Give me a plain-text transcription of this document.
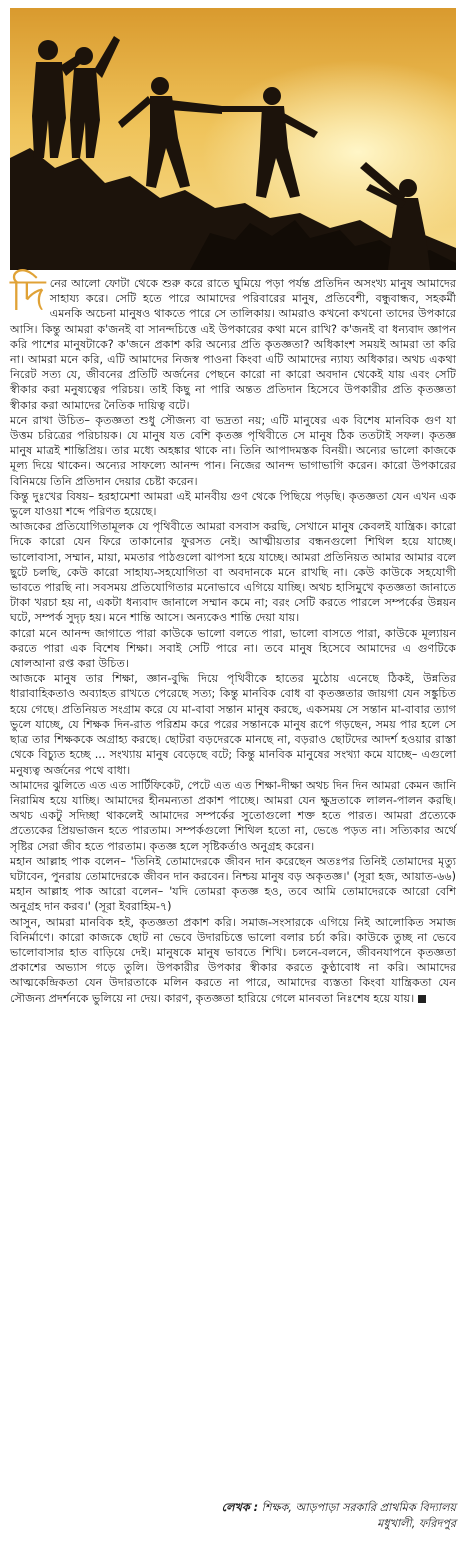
দিনের আলো ফোটা থেকে শুরু করে রাতে ঘুমিয়ে পড়া পর্যন্ত প্রতিদিন অসংখ্য মানুষ আমাদের সাহায্য করে। সেটি হতে পারে আমাদের পরিবারের মানুষ, প্রতিবেশী, বন্ধুবান্ধব, সহকর্মী এমনকি অচেনা মানুষও থাকতে পারে সে তালিকায়। আমরাও কখনো কখনো তাদের উপকারে আসি। কিন্তু আমরা ক'জনই বা সানন্দচিত্তে এই উপকারের কথা মনে রাখি? ক'জনই বা ধন্যবাদ জ্ঞাপন করি পাশের মানুষটাকে? ক'জনে প্রকাশ করি অন্যের প্রতি কৃতজ্ঞতা? অধিকাংশ সময়ই আমরা তা করি না। আমরা মনে করি, এটি আমাদের নিজস্ব পাওনা কিংবা এটি আমাদের ন্যায্য অধিকার। অথচ একথা নিরেট সত্য যে, জীবনের প্রতিটি অর্জনের পেছনে কারো না কারো অবদান থেকেই যায় এবং সেটি স্বীকার করা মনুষ্যত্বের পরিচয়। তাই কিছু না পারি অন্তত প্রতিদান হিসেবে উপকারীর প্রতি কৃতজ্ঞতা স্বীকার করা আমাদের নৈতিক দায়িত্ব বটে।

মনে রাখা উচিত– কৃতজ্ঞতা শুধু সৌজন্য বা ভদ্রতা নয়; এটি মানুষের এক বিশেষ মানবিক গুণ যা উত্তম চরিত্রের পরিচায়ক। যে মানুষ যত বেশি কৃতজ্ঞ পৃথিবীতে সে মানুষ ঠিক ততটাই সফল। কৃতজ্ঞ মানুষ মাত্রই শান্তিপ্রিয়। তার মধ্যে অহঙ্কার থাকে না। তিনি আপাদমস্তক বিনয়ী। অন্যের ভালো কাজকে মূল্য দিয়ে থাকেন। অন্যের সাফল্যে আনন্দ পান। নিজের আনন্দ ভাগাভাগি করেন। কারো উপকারের বিনিময়ে তিনি প্রতিদান দেয়ার চেষ্টা করেন।

কিন্তু দুঃখের বিষয়– হরহামেশা আমরা এই মানবীয় গুণ থেকে পিছিয়ে পড়ছি। কৃতজ্ঞতা যেন এখন এক ভুলে যাওয়া শব্দে পরিণত হয়েছে।

আজকের প্রতিযোগিতামূলক যে পৃথিবীতে আমরা বসবাস করছি, সেখানে মানুষ কেবলই যান্ত্রিক। কারো দিকে কারো যেন ফিরে তাকানোর ফুরসত নেই। আত্মীয়তার বন্ধনগুলো শিথিল হয়ে যাচ্ছে। ভালোবাসা, সম্মান, মায়া, মমতার পাঠগুলো ঝাপসা হয়ে যাচ্ছে। আমরা প্রতিনিয়ত আমার আমার বলে ছুটে চলছি, কেউ কারো সাহায্য-সহযোগিতা বা অবদানকে মনে রাখছি না। কেউ কাউকে সহযোগী ভাবতে পারছি না। সবসময় প্রতিযোগিতার মনোভাবে এগিয়ে যাচ্ছি। অথচ হাসিমুখে কৃতজ্ঞতা জানাতে টাকা খরচা হয় না, একটা ধন্যবাদ জানালে সম্মান কমে না; বরং সেটি করতে পারলে সম্পর্কের উন্নয়ন ঘটে, সম্পর্ক সুদৃঢ় হয়। মনে শান্তি আসে। অন্যকেও শান্তি দেয়া যায়।

কারো মনে আনন্দ জাগাতে পারা কাউকে ভালো বলতে পারা, ভালো বাসতে পারা, কাউকে মূল্যায়ন করতে পারা এক বিশেষ শিক্ষা। সবাই সেটি পারে না। তবে মানুষ হিসেবে আমাদের এ গুণটিকে ষোলআনা রপ্ত করা উচিত।

আজকে মানুষ তার শিক্ষা, জ্ঞান-বুদ্ধি দিয়ে পৃথিবীকে হাতের মুঠোয় এনেছে ঠিকই, উন্নতির ধারাবাহিকতাও অব্যাহত রাখতে পেরেছে সত্য; কিন্তু মানবিক বোধ বা কৃতজ্ঞতার জায়গা যেন সঙ্কুচিত হয়ে গেছে। প্রতিনিয়ত সংগ্রাম করে যে মা-বাবা সন্তান মানুষ করছে, একসময় সে সন্তান মা-বাবার ত্যাগ ভুলে যাচ্ছে, যে শিক্ষক দিন-রাত পরিশ্রম করে পরের সন্তানকে মানুষ রূপে গড়ছেন, সময় পার হলে সে ছাত্র তার শিক্ষককে অগ্রাহ্য করছে। ছোটরা বড়দেরকে মানছে না, বড়রাও ছোটদের আদর্শ হওয়ার রাস্তা থেকে বিচ্যুত হচ্ছে ... সংখ্যায় মানুষ বেড়েছে বটে; কিন্তু মানবিক মানুষের সংখ্যা কমে যাচ্ছে– এগুলো মনুষ্যত্ব অর্জনের পথে বাধা।

আমাদের ঝুলিতে এত এত সার্টিফিকেট, পেটে এত এত শিক্ষা-দীক্ষা অথচ দিন দিন আমরা কেমন জানি নিরামিষ হয়ে যাচ্ছি। আমাদের হীনমন্যতা প্রকাশ পাচ্ছে। আমরা যেন ক্ষুদ্রতাকে লালন-পালন করছি। অথচ একটু সদিচ্ছা থাকলেই আমাদের সম্পর্কের সুতোগুলো শক্ত হতে পারত। আমরা প্রত্যেকে প্রত্যেকের প্রিয়ভাজন হতে পারতাম। সম্পর্কগুলো শিথিল হতো না, ভেঙে পড়ত না। সত্যিকার অর্থে সৃষ্টির সেরা জীব হতে পারতাম। কৃতজ্ঞ হলে সৃষ্টিকর্তাও অনুগ্রহ করেন।

মহান আল্লাহ পাক বলেন– 'তিনিই তোমাদেরকে জীবন দান করেছেন অতঃপর তিনিই তোমাদের মৃত্যু ঘটাবেন, পুনরায় তোমাদেরকে জীবন দান করবেন। নিশ্চয় মানুষ বড় অকৃতজ্ঞ।' (সূরা হজ, আয়াত-৬৬) মহান আল্লাহ পাক আরো বলেন– 'যদি তোমরা কৃতজ্ঞ হও, তবে আমি তোমাদেরকে আরো বেশি অনুগ্রহ দান করব।' (সূরা ইবরাহিম-৭)

আসুন, আমরা মানবিক হই, কৃতজ্ঞতা প্রকাশ করি। সমাজ-সংসারকে এগিয়ে নিই আলোকিত সমাজ বিনির্মাণে। কারো কাজকে ছোট না ভেবে উদারচিত্তে ভালো বলার চর্চা করি। কাউকে তুচ্ছ না ভেবে ভালোবাসার হাত বাড়িয়ে দেই। মানুষকে মানুষ ভাবতে শিখি। চলনে-বলনে, জীবনযাপনে কৃতজ্ঞতা প্রকাশের অভ্যাস গড়ে তুলি। উপকারীর উপকার স্বীকার করতে কুণ্ঠাবোধ না করি। আমাদের আত্মকেন্দ্রিকতা যেন উদারতাকে মলিন করতে না পারে, আমাদের ব্যস্ততা কিংবা যান্ত্রিকতা যেন সৌজন্য প্রদর্শনকে ভুলিয়ে না দেয়। কারণ, কৃতজ্ঞতা হারিয়ে গেলে মানবতা নিঃশেষ হয়ে যায়।

লেখক : শিক্ষক, আড়পাড়া সরকারি প্রাথমিক বিদ্যালয়
মধুখালী, ফরিদপুর
